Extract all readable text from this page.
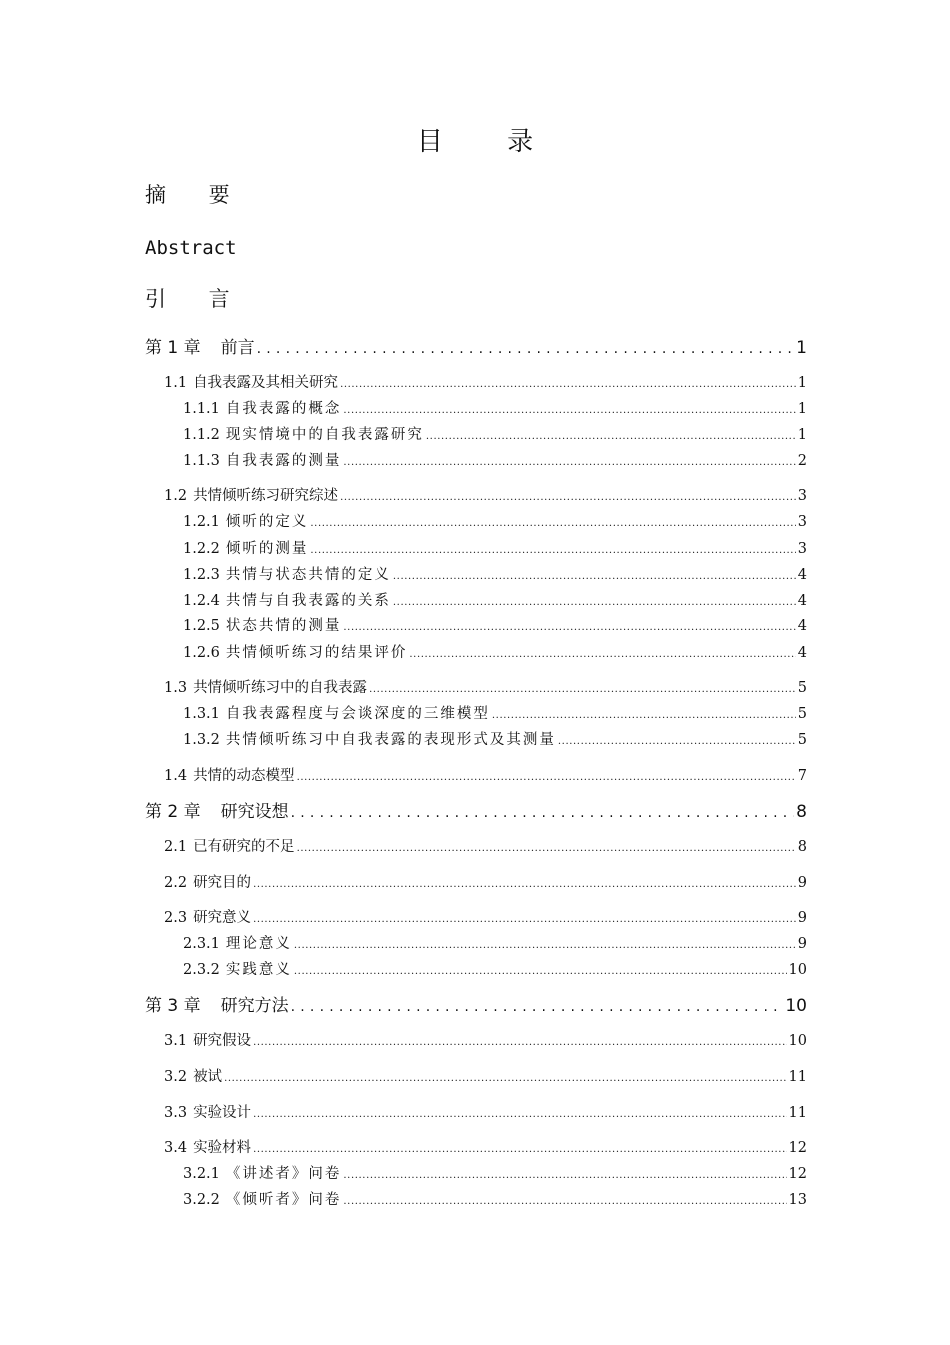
目 录
摘 要
Abstract
引 言
第 1 章 前言 .....	1
1.1 自我表露及其相关研究 .....	1
1.1.1 自我表露的概念 .....	1
1.1.2 现实情境中的自我表露研究 .....	1
1.1.3 自我表露的测量 .....	2
1.2 共情倾听练习研究综述 .....	3
1.2.1 倾听的定义 .....	3
1.2.2 倾听的测量 .....	3
1.2.3 共情与状态共情的定义 .....	4
1.2.4 共情与自我表露的关系 .....	4
1.2.5 状态共情的测量 .....	4
1.2.6 共情倾听练习的结果评价 .....	4
1.3 共情倾听练习中的自我表露 .....	5
1.3.1 自我表露程度与会谈深度的三维模型 .....	5
1.3.2 共情倾听练习中自我表露的表现形式及其测量 .....	5
1.4 共情的动态模型 .....	7
第 2 章 研究设想 .....	8
2.1 已有研究的不足 .....	8
2.2 研究目的 .....	9
2.3 研究意义 .....	9
2.3.1 理论意义 .....	9
2.3.2 实践意义 .....	10
第 3 章 研究方法 .....	10
3.1 研究假设 .....	10
3.2 被试 .....	11
3.3 实验设计 .....	11
3.4 实验材料 .....	12
3.2.1 《讲述者》问卷 .....	12
3.2.2 《倾听者》问卷 .....	13
